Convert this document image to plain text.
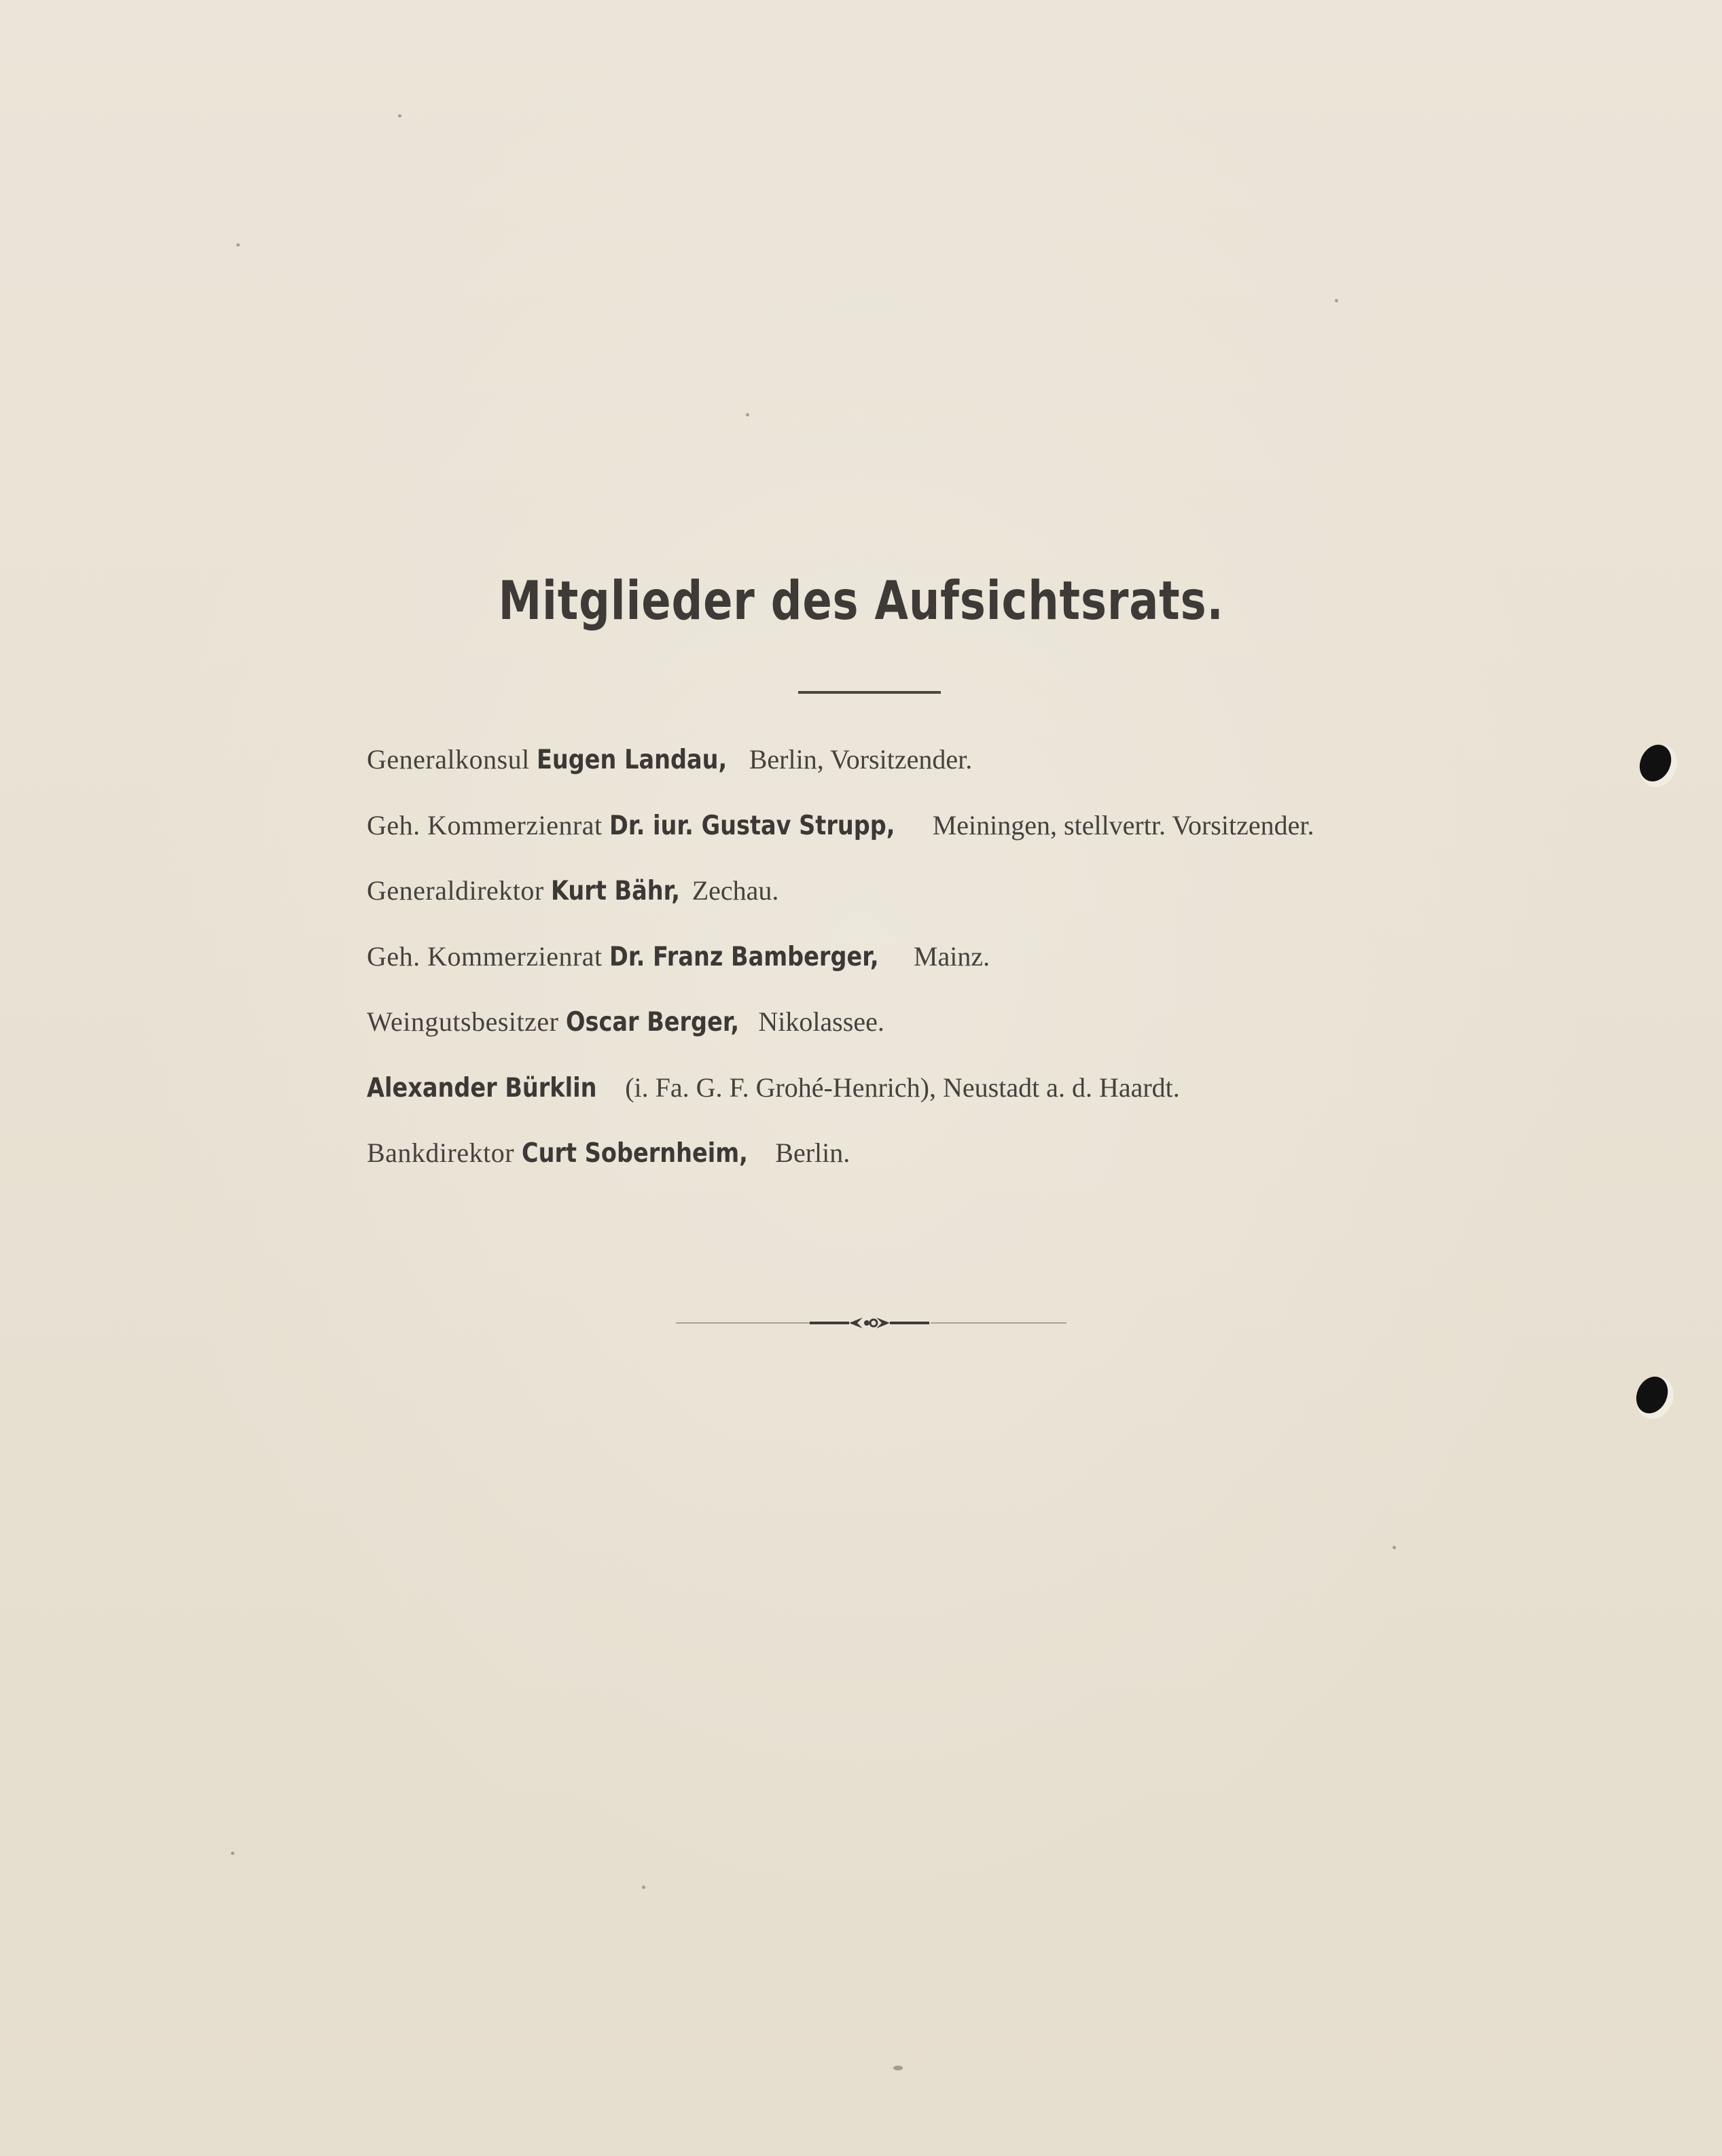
Mitglieder des Aufsichtsrats.
Generalkonsul Eugen Landau, Berlin, Vorsitzender.
Geh. Kommerzienrat Dr. iur. Gustav Strupp, Meiningen, stellvertr. Vorsitzender.
Generaldirektor Kurt Bähr, Zechau.
Geh. Kommerzienrat Dr. Franz Bamberger, Mainz.
Weingutsbesitzer Oscar Berger, Nikolassee.
Alexander Bürklin (i. Fa. G. F. Grohé-Henrich), Neustadt a. d. Haardt.
Bankdirektor Curt Sobernheim, Berlin.
